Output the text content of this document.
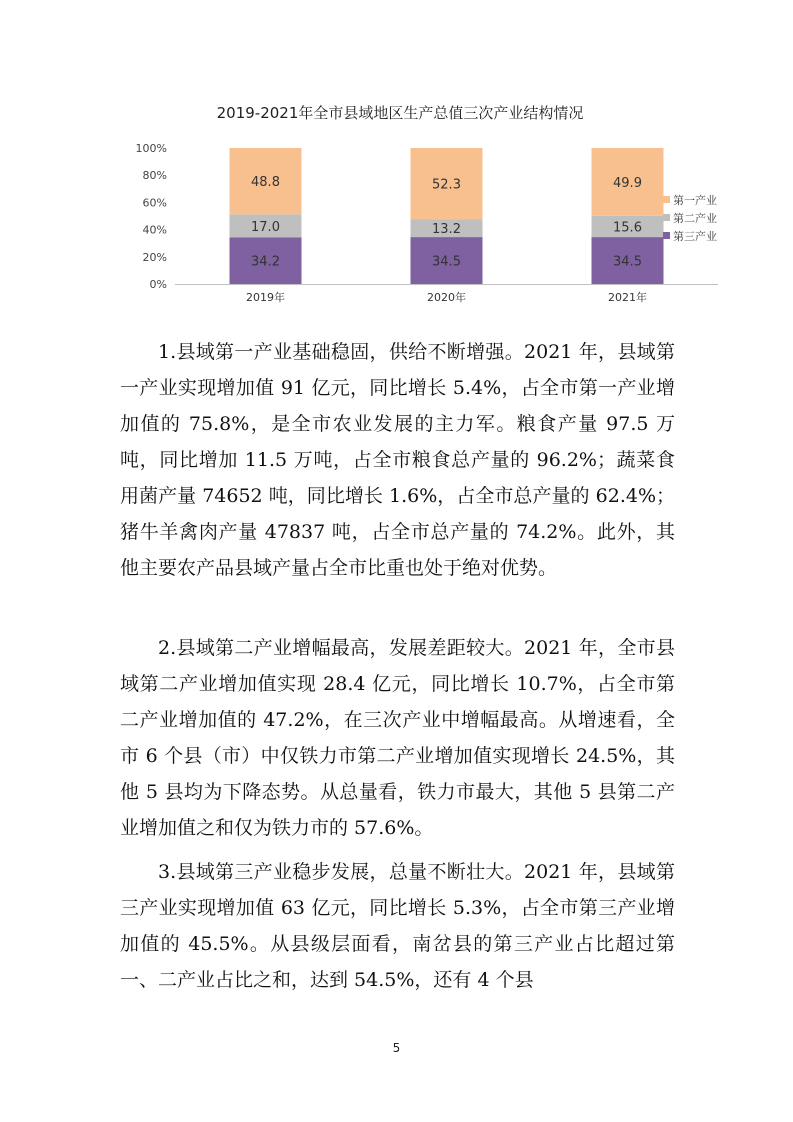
2019-2021年全市县域地区生产总值三次产业结构情况
100%
80%
60%
40%
20%
0%
34.2
17.0
48.8
2019年
34.5
13.2
52.3
2020年
34.5
15.6
49.9
2021年
第一产业
第二产业
第三产业
1.县域第一产业基础稳固，供给不断增强。2021 年，县域第一产业实现增加值 91 亿元，同比增长 5.4%，占全市第一产业增加值的 75.8%，是全市农业发展的主力军。粮食产量 97.5 万吨，同比增加 11.5 万吨，占全市粮食总产量的 96.2%；蔬菜食用菌产量 74652 吨，同比增长 1.6%，占全市总产量的 62.4%；猪牛羊禽肉产量 47837 吨，占全市总产量的 74.2%。此外，其他主要农产品县域产量占全市比重也处于绝对优势。
2.县域第二产业增幅最高，发展差距较大。2021 年，全市县域第二产业增加值实现 28.4 亿元，同比增长 10.7%，占全市第二产业增加值的 47.2%，在三次产业中增幅最高。从增速看，全市 6 个县（市）中仅铁力市第二产业增加值实现增长 24.5%，其他 5 县均为下降态势。从总量看，铁力市最大，其他 5 县第二产业增加值之和仅为铁力市的 57.6%。
3.县域第三产业稳步发展，总量不断壮大。2021 年，县域第三产业实现增加值 63 亿元，同比增长 5.3%，占全市第三产业增加值的 45.5%。从县级层面看，南岔县的第三产业占比超过第一、二产业占比之和，达到 54.5%，还有 4 个县
5
